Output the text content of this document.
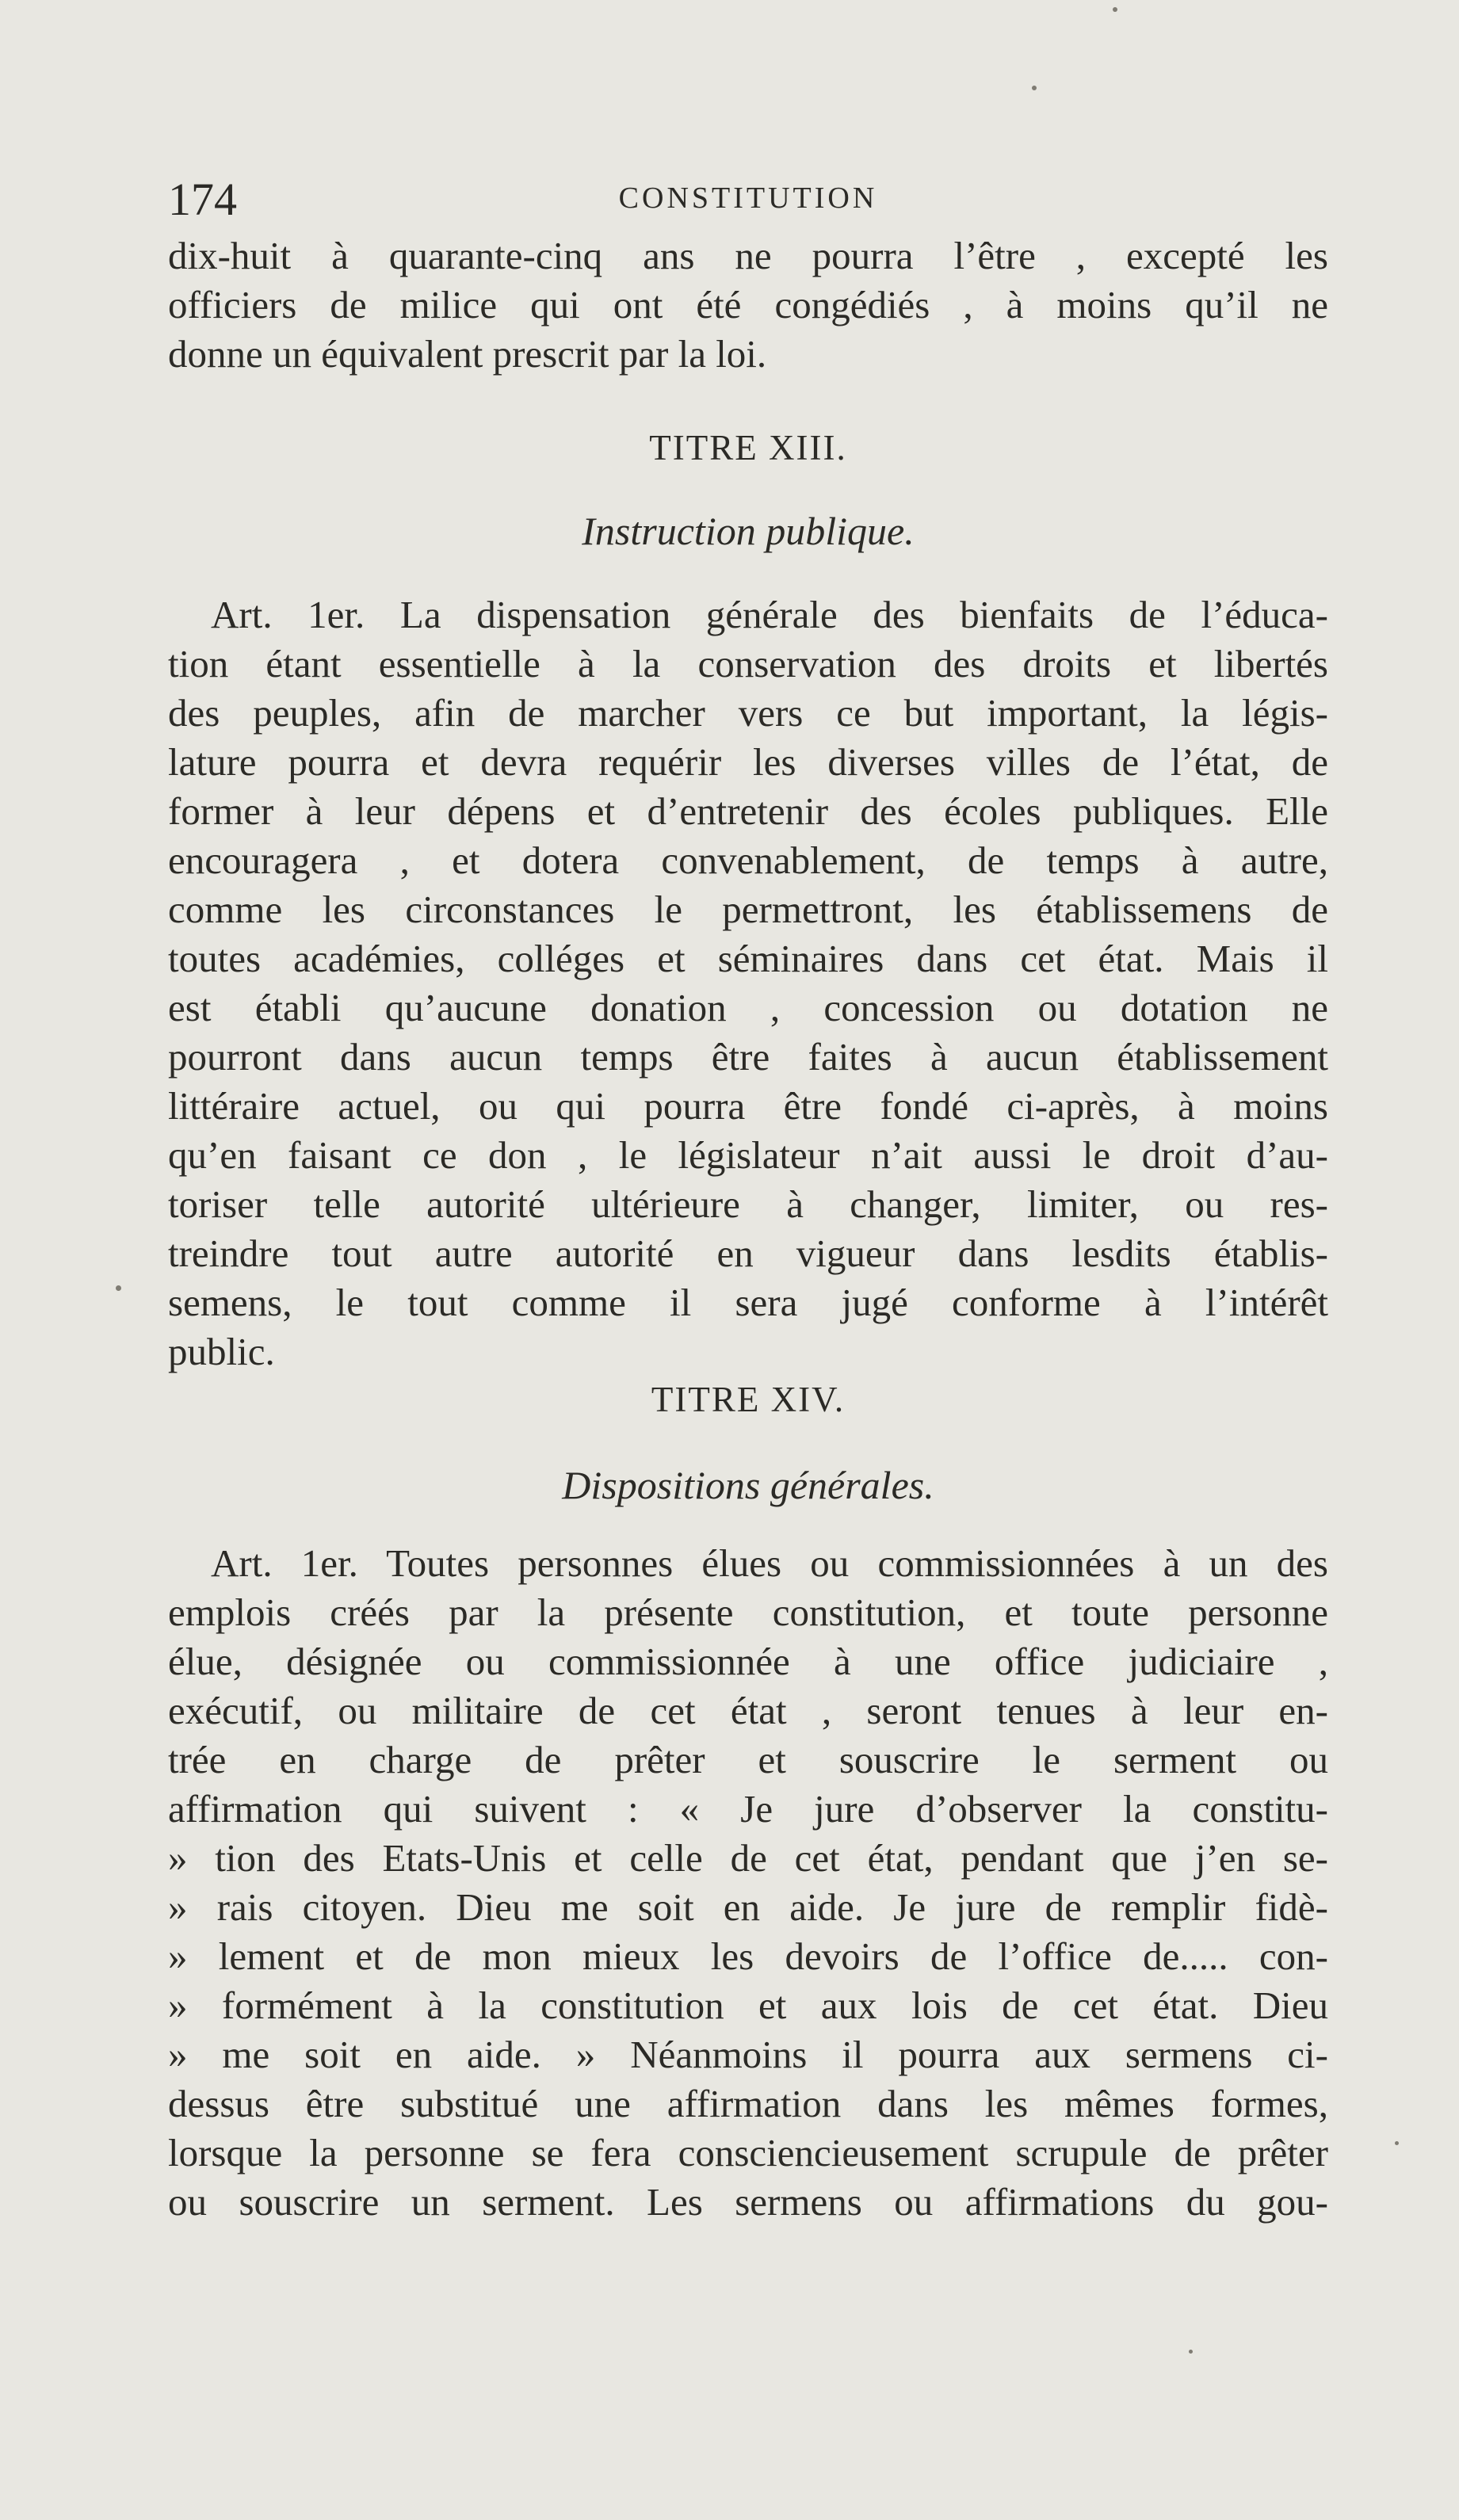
174	CONSTITUTION
dix-huit à quarante-cinq ans ne pourra l’être , excepté les
officiers de milice qui ont été congédiés , à moins qu’il ne
donne un équivalent prescrit par la loi.
TITRE XIII.
Instruction publique.
Art. 1er. La dispensation générale des bienfaits de l’éduca-
tion étant essentielle à la conservation des droits et libertés
des peuples, afin de marcher vers ce but important, la légis-
lature pourra et devra requérir les diverses villes de l’état, de
former à leur dépens et d’entretenir des écoles publiques. Elle
encouragera , et dotera convenablement, de temps à autre,
comme les circonstances le permettront, les établissemens de
toutes académies, colléges et séminaires dans cet état. Mais il
est établi qu’aucune donation , concession ou dotation ne
pourront dans aucun temps être faites à aucun établissement
littéraire actuel, ou qui pourra être fondé ci-après, à moins
qu’en faisant ce don , le législateur n’ait aussi le droit d’au-
toriser telle autorité ultérieure à changer, limiter, ou res-
treindre tout autre autorité en vigueur dans lesdits établis-
semens, le tout comme il sera jugé conforme à l’intérêt
public.
TITRE XIV.
Dispositions générales.
Art. 1er. Toutes personnes élues ou commissionnées à un des
emplois créés par la présente constitution, et toute personne
élue, désignée ou commissionnée à une office judiciaire ,
exécutif, ou militaire de cet état , seront tenues à leur en-
trée en charge de prêter et souscrire le serment ou
affirmation qui suivent : « Je jure d’observer la constitu-
» tion des Etats-Unis et celle de cet état, pendant que j’en se-
» rais citoyen. Dieu me soit en aide. Je jure de remplir fidè-
» lement et de mon mieux les devoirs de l’office de..... con-
» formément à la constitution et aux lois de cet état. Dieu
» me soit en aide. » Néanmoins il pourra aux sermens ci-
dessus être substitué une affirmation dans les mêmes formes,
lorsque la personne se fera consciencieusement scrupule de prêter
ou souscrire un serment. Les sermens ou affirmations du gou-
